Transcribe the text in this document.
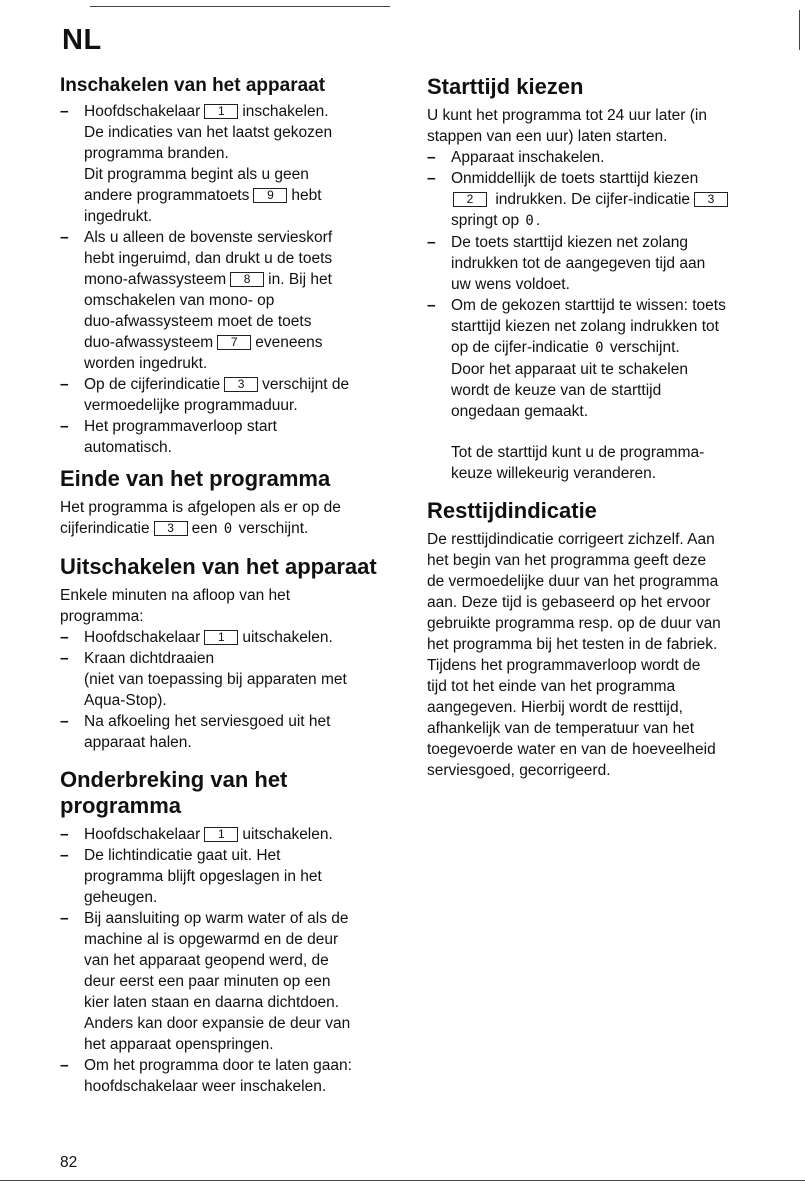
NL
Inschakelen van het apparaat
– Hoofdschakelaar 1 inschakelen.
De indicaties van het laatst gekozen
programma branden.
Dit programma begint als u geen
andere programmatoets 9 hebt
ingedrukt.
– Als u alleen de bovenste servieskorf
hebt ingeruimd, dan drukt u de toets
mono-afwassysteem 8 in. Bij het
omschakelen van mono- op
duo-afwassysteem moet de toets
duo-afwassysteem 7 eveneens
worden ingedrukt.
– Op de cijferindicatie 3 verschijnt de
vermoedelijke programmaduur.
– Het programmaverloop start
automatisch.
Einde van het programma

Het programma is afgelopen als er op de
cijferindicatie 3 een 0 verschijnt.

Uitschakelen van het apparaat

Enkele minuten na afloop van het
programma:

– Hoofdschakelaar 1 uitschakelen.
– Kraan dichtdraaien
(niet van toepassing bij apparaten met
Aqua-Stop).
– Na afkoeling het serviesgoed uit het
apparaat halen.
Onderbreking van het
programma
– Hoofdschakelaar 1 uitschakelen.
– De lichtindicatie gaat uit. Het
programma blijft opgeslagen in het
geheugen.
– Bij aansluiting op warm water of als de
machine al is opgewarmd en de deur
van het apparaat geopend werd, de
deur eerst een paar minuten op een
kier laten staan en daarna dichtdoen.
Anders kan door expansie de deur van
het apparaat openspringen.
– Om het programma door te laten gaan:
hoofdschakelaar weer inschakelen.
Starttijd kiezen

U kunt het programma tot 24 uur later (in
stappen van een uur) laten starten.

– Apparaat inschakelen.
– Onmiddellijk de toets starttijd kiezen
2 indrukken. De cijfer-indicatie 3
springt op 0 .
– De toets starttijd kiezen net zolang
indrukken tot de aangegeven tijd aan
uw wens voldoet.
– Om de gekozen starttijd te wissen: toets
starttijd kiezen net zolang indrukken tot
op de cijfer-indicatie 0 verschijnt.
Door het apparaat uit te schakelen
wordt de keuze van de starttijd
ongedaan gemaakt.
Tot de starttijd kunt u de programma-
keuze willekeurig veranderen.
Resttijdindicatie

De resttijdindicatie corrigeert zichzelf. Aan
het begin van het programma geeft deze
de vermoedelijke duur van het programma
aan. Deze tijd is gebaseerd op het ervoor
gebruikte programma resp. op de duur van
het programma bij het testen in de fabriek.
Tijdens het programmaverloop wordt de
tijd tot het einde van het programma
aangegeven. Hierbij wordt de resttijd,
afhankelijk van de temperatuur van het
toegevoerde water en van de hoeveelheid
serviesgoed, gecorrigeerd.

82
